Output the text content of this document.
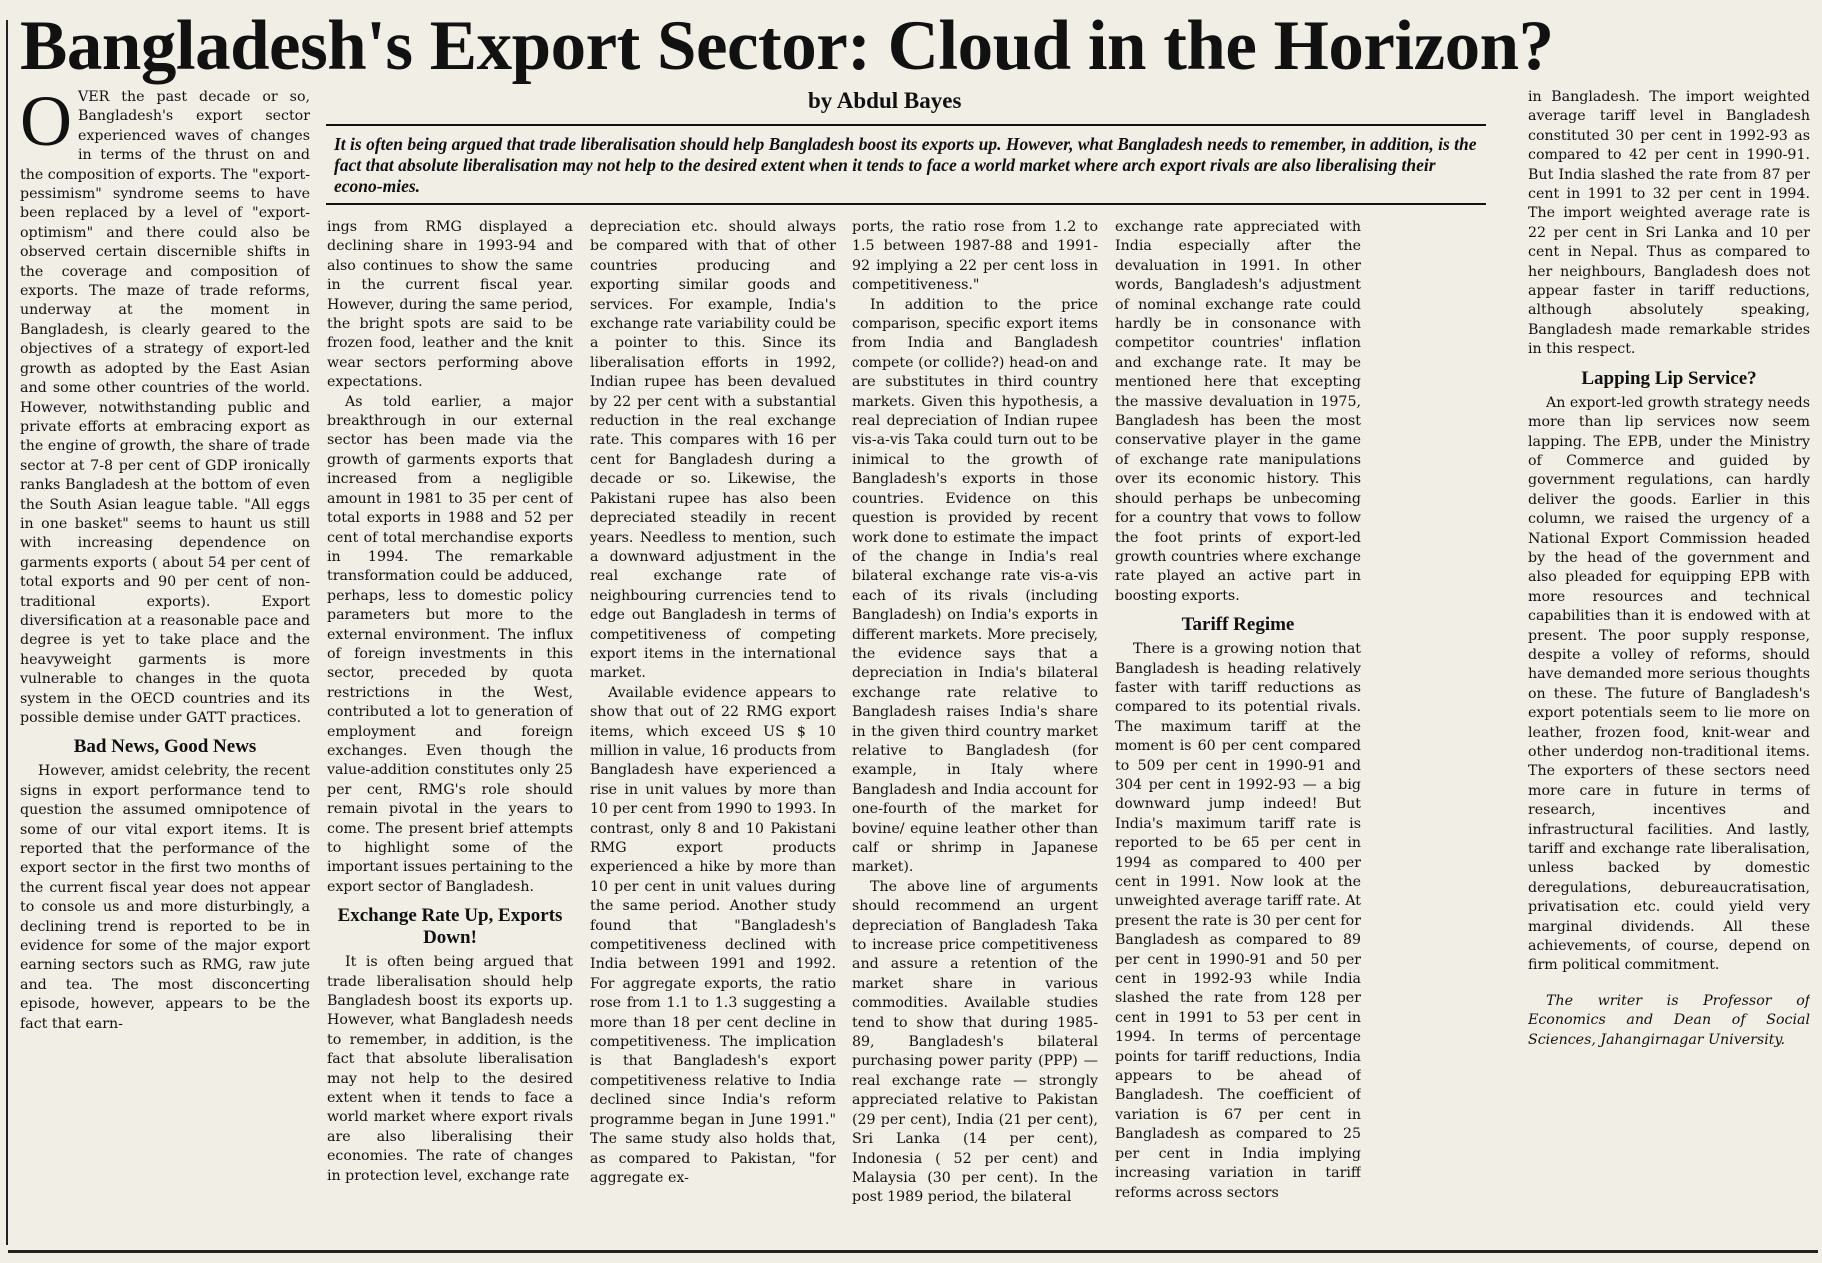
Bangladesh's Export Sector: Cloud in the Horizon?
by Abdul Bayes
It is often being argued that trade liberalisation should help Bangladesh boost its exports up. However, what Bangladesh needs to remember, in addition, is the fact that absolute liberalisation may not help to the desired extent when it tends to face a world market where arch export rivals are also liberalising their econo-mies.

OVER the past decade or so, Bangladesh's export sector experienced waves of changes in terms of the thrust on and the composition of exports. The "export-pessimism" syndrome seems to have been replaced by a level of "export-optimism" and there could also be observed certain discernible shifts in the coverage and composition of exports. The maze of trade reforms, underway at the moment in Bangladesh, is clearly geared to the objectives of a strategy of export-led growth as adopted by the East Asian and some other countries of the world. However, notwithstanding public and private efforts at embracing export as the engine of growth, the share of trade sector at 7-8 per cent of GDP ironically ranks Bangladesh at the bottom of even the South Asian league table. "All eggs in one basket" seems to haunt us still with increasing dependence on garments exports ( about 54 per cent of total exports and 90 per cent of non-traditional exports). Export diversification at a reasonable pace and degree is yet to take place and the heavyweight garments is more vulnerable to changes in the quota system in the OECD countries and its possible demise under GATT practices.

Bad News, Good News

However, amidst celebrity, the recent signs in export performance tend to question the assumed omnipotence of some of our vital export items. It is reported that the performance of the export sector in the first two months of the current fiscal year does not appear to console us and more disturbingly, a declining trend is reported to be in evidence for some of the major export earning sectors such as RMG, raw jute and tea. The most disconcerting episode, however, appears to be the fact that earn-

ings from RMG displayed a declining share in 1993-94 and also continues to show the same in the current fiscal year. However, during the same period, the bright spots are said to be frozen food, leather and the knit wear sectors performing above expectations.

As told earlier, a major breakthrough in our external sector has been made via the growth of garments exports that increased from a negligible amount in 1981 to 35 per cent of total exports in 1988 and 52 per cent of total merchandise exports in 1994. The remarkable transformation could be adduced, perhaps, less to domestic policy parameters but more to the external environment. The influx of foreign investments in this sector, preceded by quota restrictions in the West, contributed a lot to generation of employment and foreign exchanges. Even though the value-addition constitutes only 25 per cent, RMG's role should remain pivotal in the years to come. The present brief attempts to highlight some of the important issues pertaining to the export sector of Bangladesh.

Exchange Rate Up, Exports Down!

It is often being argued that trade liberalisation should help Bangladesh boost its exports up. However, what Bangladesh needs to remember, in addition, is the fact that absolute liberalisation may not help to the desired extent when it tends to face a world market where export rivals are also liberalising their economies. The rate of changes in protection level, exchange rate

depreciation etc. should always be compared with that of other countries producing and exporting similar goods and services. For example, India's exchange rate variability could be a pointer to this. Since its liberalisation efforts in 1992, Indian rupee has been devalued by 22 per cent with a substantial reduction in the real exchange rate. This compares with 16 per cent for Bangladesh during a decade or so. Likewise, the Pakistani rupee has also been depreciated steadily in recent years. Needless to mention, such a downward adjustment in the real exchange rate of neighbouring currencies tend to edge out Bangladesh in terms of competitiveness of competing export items in the international market.

Available evidence appears to show that out of 22 RMG export items, which exceed US $ 10 million in value, 16 products from Bangladesh have experienced a rise in unit values by more than 10 per cent from 1990 to 1993. In contrast, only 8 and 10 Pakistani RMG export products experienced a hike by more than 10 per cent in unit values during the same period. Another study found that "Bangladesh's competitiveness declined with India between 1991 and 1992. For aggregate exports, the ratio rose from 1.1 to 1.3 suggesting a more than 18 per cent decline in competitiveness. The implication is that Bangladesh's export competitiveness relative to India declined since India's reform programme began in June 1991." The same study also holds that, as compared to Pakistan, "for aggregate ex-

ports, the ratio rose from 1.2 to 1.5 between 1987-88 and 1991-92 implying a 22 per cent loss in competitiveness."

In addition to the price comparison, specific export items from India and Bangladesh compete (or collide?) head-on and are substitutes in third country markets. Given this hypothesis, a real depreciation of Indian rupee vis-a-vis Taka could turn out to be inimical to the growth of Bangladesh's exports in those countries. Evidence on this question is provided by recent work done to estimate the impact of the change in India's real bilateral exchange rate vis-a-vis each of its rivals (including Bangladesh) on India's exports in different markets. More precisely, the evidence says that a depreciation in India's bilateral exchange rate relative to Bangladesh raises India's share in the given third country market relative to Bangladesh (for example, in Italy where Bangladesh and India account for one-fourth of the market for bovine/ equine leather other than calf or shrimp in Japanese market).

The above line of arguments should recommend an urgent depreciation of Bangladesh Taka to increase price competitiveness and assure a retention of the market share in various commodities. Available studies tend to show that during 1985-89, Bangladesh's bilateral purchasing power parity (PPP) — real exchange rate — strongly appreciated relative to Pakistan (29 per cent), India (21 per cent), Sri Lanka (14 per cent), Indonesia ( 52 per cent) and Malaysia (30 per cent). In the post 1989 period, the bilateral

exchange rate appreciated with India especially after the devaluation in 1991. In other words, Bangladesh's adjustment of nominal exchange rate could hardly be in consonance with competitor countries' inflation and exchange rate. It may be mentioned here that excepting the massive devaluation in 1975, Bangladesh has been the most conservative player in the game of exchange rate manipulations over its economic history. This should perhaps be unbecoming for a country that vows to follow the foot prints of export-led growth countries where exchange rate played an active part in boosting exports.

Tariff Regime

There is a growing notion that Bangladesh is heading relatively faster with tariff reductions as compared to its potential rivals. The maximum tariff at the moment is 60 per cent compared to 509 per cent in 1990-91 and 304 per cent in 1992-93 — a big downward jump indeed! But India's maximum tariff rate is reported to be 65 per cent in 1994 as compared to 400 per cent in 1991. Now look at the unweighted average tariff rate. At present the rate is 30 per cent for Bangladesh as compared to 89 per cent in 1990-91 and 50 per cent in 1992-93 while India slashed the rate from 128 per cent in 1991 to 53 per cent in 1994. In terms of percentage points for tariff reductions, India appears to be ahead of Bangladesh. The coefficient of variation is 67 per cent in Bangladesh as compared to 25 per cent in India implying increasing variation in tariff reforms across sectors

in Bangladesh. The import weighted average tariff level in Bangladesh constituted 30 per cent in 1992-93 as compared to 42 per cent in 1990-91. But India slashed the rate from 87 per cent in 1991 to 32 per cent in 1994. The import weighted average rate is 22 per cent in Sri Lanka and 10 per cent in Nepal. Thus as compared to her neighbours, Bangladesh does not appear faster in tariff reductions, although absolutely speaking, Bangladesh made remarkable strides in this respect.

Lapping Lip Service?

An export-led growth strategy needs more than lip services now seem lapping. The EPB, under the Ministry of Commerce and guided by government regulations, can hardly deliver the goods. Earlier in this column, we raised the urgency of a National Export Commission headed by the head of the government and also pleaded for equipping EPB with more resources and technical capabilities than it is endowed with at present. The poor supply response, despite a volley of reforms, should have demanded more serious thoughts on these. The future of Bangladesh's export potentials seem to lie more on leather, frozen food, knit-wear and other underdog non-traditional items. The exporters of these sectors need more care in future in terms of research, incentives and infrastructural facilities. And lastly, tariff and exchange rate liberalisation, unless backed by domestic deregulations, debureaucratisation, privatisation etc. could yield very marginal dividends. All these achievements, of course, depend on firm political commitment.

The writer is Professor of Economics and Dean of Social Sciences, Jahangirnagar University.
